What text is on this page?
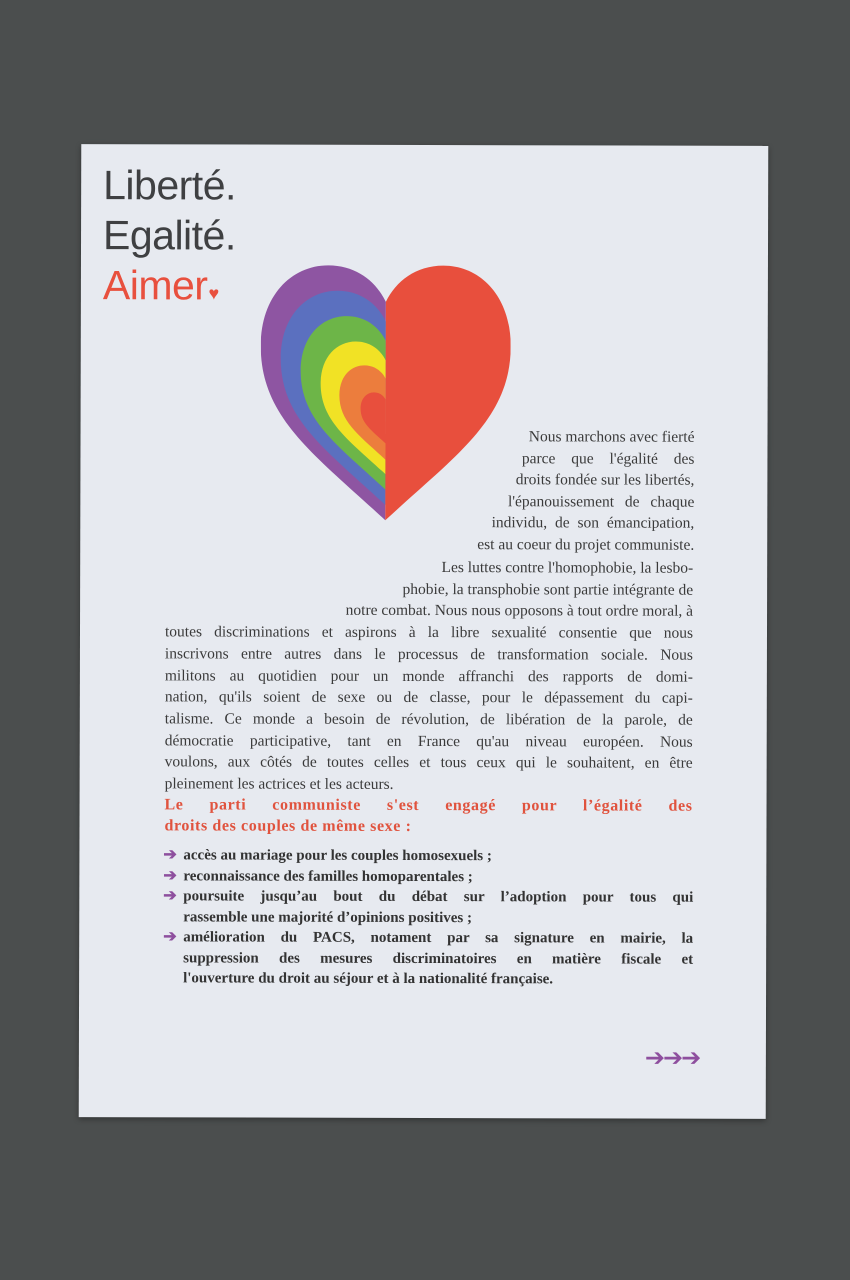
Liberté.
Egalité.
Aimer♥
Nous marchons avec fierté
parce que l'égalité des
droits fondée sur les libertés,
l'épanouissement de chaque
individu, de son émancipation,
est au coeur du projet communiste.
Les luttes contre l'homophobie, la lesbo-
phobie, la transphobie sont partie intégrante de
notre combat. Nous nous opposons à tout ordre moral, à
toutes discriminations et aspirons à la libre sexualité consentie que nous
inscrivons entre autres dans le processus de transformation sociale. Nous
militons au quotidien pour un monde affranchi des rapports de domi-
nation, qu'ils soient de sexe ou de classe, pour le dépassement du capi-
talisme. Ce monde a besoin de révolution, de libération de la parole, de
démocratie participative, tant en France qu'au niveau européen. Nous
voulons, aux côtés de toutes celles et tous ceux qui le souhaitent, en être
pleinement les actrices et les acteurs.
Le parti communiste s'est engagé pour l’égalité des
droits des couples de même sexe :
➔ accès au mariage pour les couples homosexuels ;
➔ reconnaissance des familles homoparentales ;
➔ poursuite jusqu’au bout du débat sur l’adoption pour tous qui
rassemble une majorité d’opinions positives ;
➔ amélioration du PACS, notament par sa signature en mairie, la
suppression des mesures discriminatoires en matière fiscale et
l'ouverture du droit au séjour et à la nationalité française.
➔➔➔
